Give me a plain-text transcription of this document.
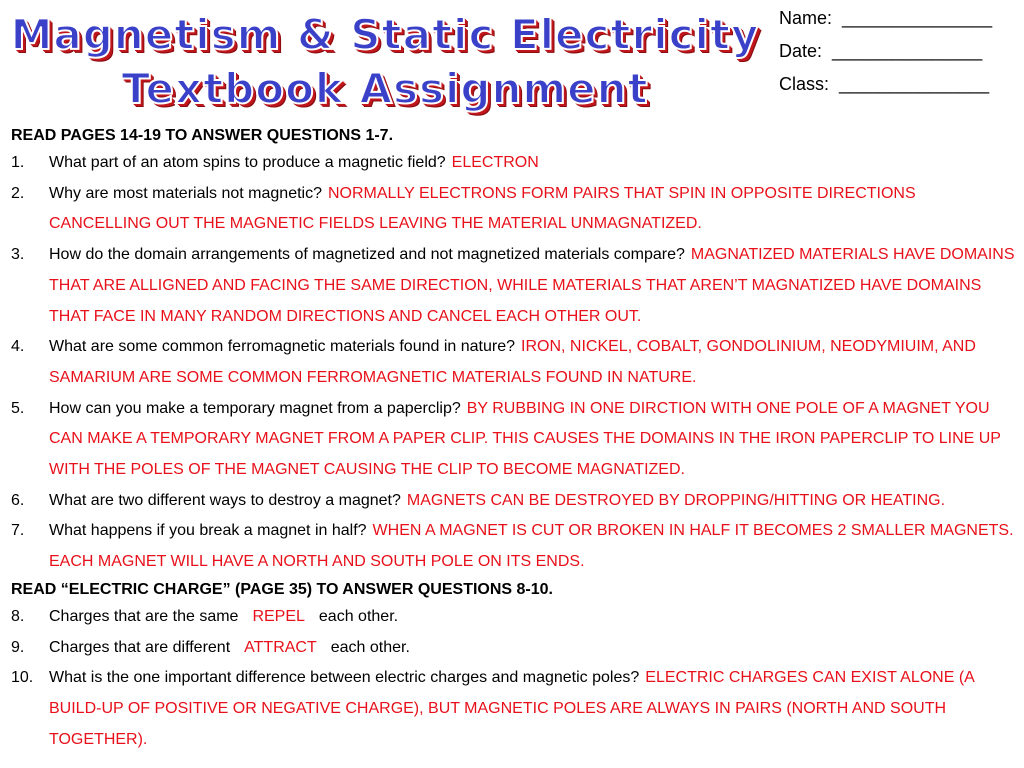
Magnetism & Static Electricity
Textbook Assignment
Name: _______________
Date: _______________
Class: _______________
READ PAGES 14-19 TO ANSWER QUESTIONS 1-7.
1.	What part of an atom spins to produce a magnetic field? ELECTRON
2.	Why are most materials not magnetic? NORMALLY ELECTRONS FORM PAIRS THAT SPIN IN OPPOSITE DIRECTIONS CANCELLING OUT THE MAGNETIC FIELDS LEAVING THE MATERIAL UNMAGNATIZED.
3.	How do the domain arrangements of magnetized and not magnetized materials compare? MAGNATIZED MATERIALS HAVE DOMAINS THAT ARE ALLIGNED AND FACING THE SAME DIRECTION, WHILE MATERIALS THAT AREN’T MAGNATIZED HAVE DOMAINS THAT FACE IN MANY RANDOM DIRECTIONS AND CANCEL EACH OTHER OUT.
4.	What are some common ferromagnetic materials found in nature? IRON, NICKEL, COBALT, GONDOLINIUM, NEODYMIUIM, AND SAMARIUM ARE SOME COMMON FERROMAGNETIC MATERIALS FOUND IN NATURE.
5.	How can you make a temporary magnet from a paperclip? BY RUBBING IN ONE DIRCTION WITH ONE POLE OF A MAGNET YOU CAN MAKE A TEMPORARY MAGNET FROM A PAPER CLIP. THIS CAUSES THE DOMAINS IN THE IRON PAPERCLIP TO LINE UP WITH THE POLES OF THE MAGNET CAUSING THE CLIP TO BECOME MAGNATIZED.
6.	What are two different ways to destroy a magnet? MAGNETS CAN BE DESTROYED BY DROPPING/HITTING OR HEATING.
7.	What happens if you break a magnet in half? WHEN A MAGNET IS CUT OR BROKEN IN HALF IT BECOMES 2 SMALLER MAGNETS. EACH MAGNET WILL HAVE A NORTH AND SOUTH POLE ON ITS ENDS.
READ “ELECTRIC CHARGE” (PAGE 35) TO ANSWER QUESTIONS 8-10.
8.	Charges that are the same REPEL each other.
9.	Charges that are different ATTRACT each other.
10. What is the one important difference between electric charges and magnetic poles? ELECTRIC CHARGES CAN EXIST ALONE (A BUILD-UP OF POSITIVE OR NEGATIVE CHARGE), BUT MAGNETIC POLES ARE ALWAYS IN PAIRS (NORTH AND SOUTH TOGETHER).
